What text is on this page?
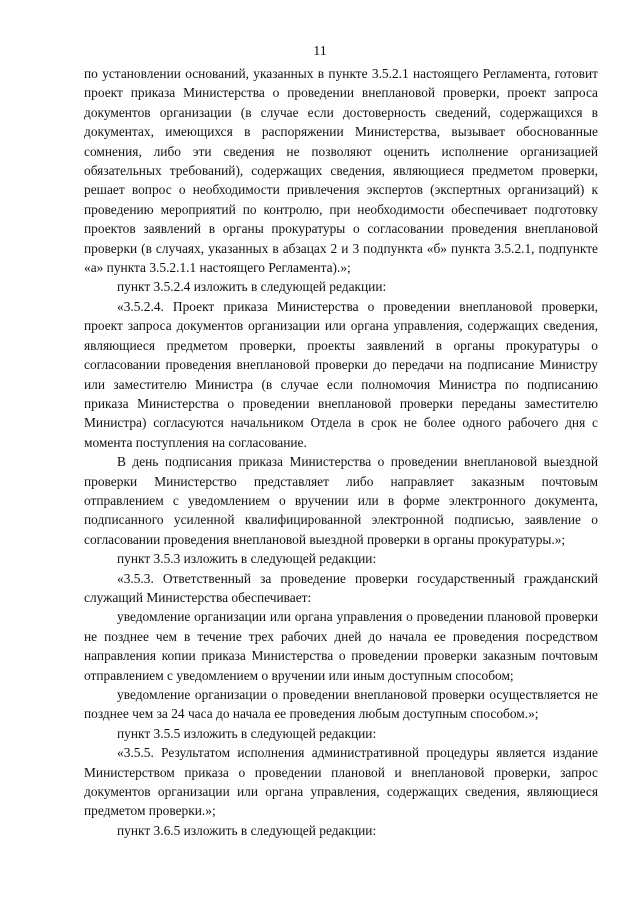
11

по установлении оснований, указанных в пункте 3.5.2.1 настоящего Регламента, готовит проект приказа Министерства о проведении внеплановой проверки, проект запроса документов организации (в случае если достоверность сведений, содержащихся в документах, имеющихся в распоряжении Министерства, вызывает обоснованные сомнения, либо эти сведения не позволяют оценить исполнение организацией обязательных требований), содержащих сведения, являющиеся предметом проверки, решает вопрос о необходимости привлечения экспертов (экспертных организаций) к проведению мероприятий по контролю, при необходимости обеспечивает подготовку проектов заявлений в органы прокуратуры о согласовании проведения внеплановой проверки (в случаях, указанных в абзацах 2 и 3 подпункта «б» пункта 3.5.2.1, подпункте «а» пункта 3.5.2.1.1 настоящего Регламента).»;

пункт 3.5.2.4 изложить в следующей редакции:

«3.5.2.4. Проект приказа Министерства о проведении внеплановой проверки, проект запроса документов организации или органа управления, содержащих сведения, являющиеся предметом проверки, проекты заявлений в органы прокуратуры о согласовании проведения внеплановой проверки до передачи на подписание Министру или заместителю Министра (в случае если полномочия Министра по подписанию приказа Министерства о проведении внеплановой проверки переданы заместителю Министра) согласуются начальником Отдела в срок не более одного рабочего дня с момента поступления на согласование.

В день подписания приказа Министерства о проведении внеплановой выездной проверки Министерство представляет либо направляет заказным почтовым отправлением с уведомлением о вручении или в форме электронного документа, подписанного усиленной квалифицированной электронной подписью, заявление о согласовании проведения внеплановой выездной проверки в органы прокуратуры.»;

пункт 3.5.3 изложить в следующей редакции:

«3.5.3. Ответственный за проведение проверки государственный гражданский служащий Министерства обеспечивает:

уведомление организации или органа управления о проведении плановой проверки не позднее чем в течение трех рабочих дней до начала ее проведения посредством направления копии приказа Министерства о проведении проверки заказным почтовым отправлением с уведомлением о вручении или иным доступным способом;

уведомление организации о проведении внеплановой проверки осуществляется не позднее чем за 24 часа до начала ее проведения любым доступным способом.»;

пункт 3.5.5 изложить в следующей редакции:

«3.5.5. Результатом исполнения административной процедуры является издание Министерством приказа о проведении плановой и внеплановой проверки, запрос документов организации или органа управления, содержащих сведения, являющиеся предметом проверки.»;

пункт 3.6.5 изложить в следующей редакции:
